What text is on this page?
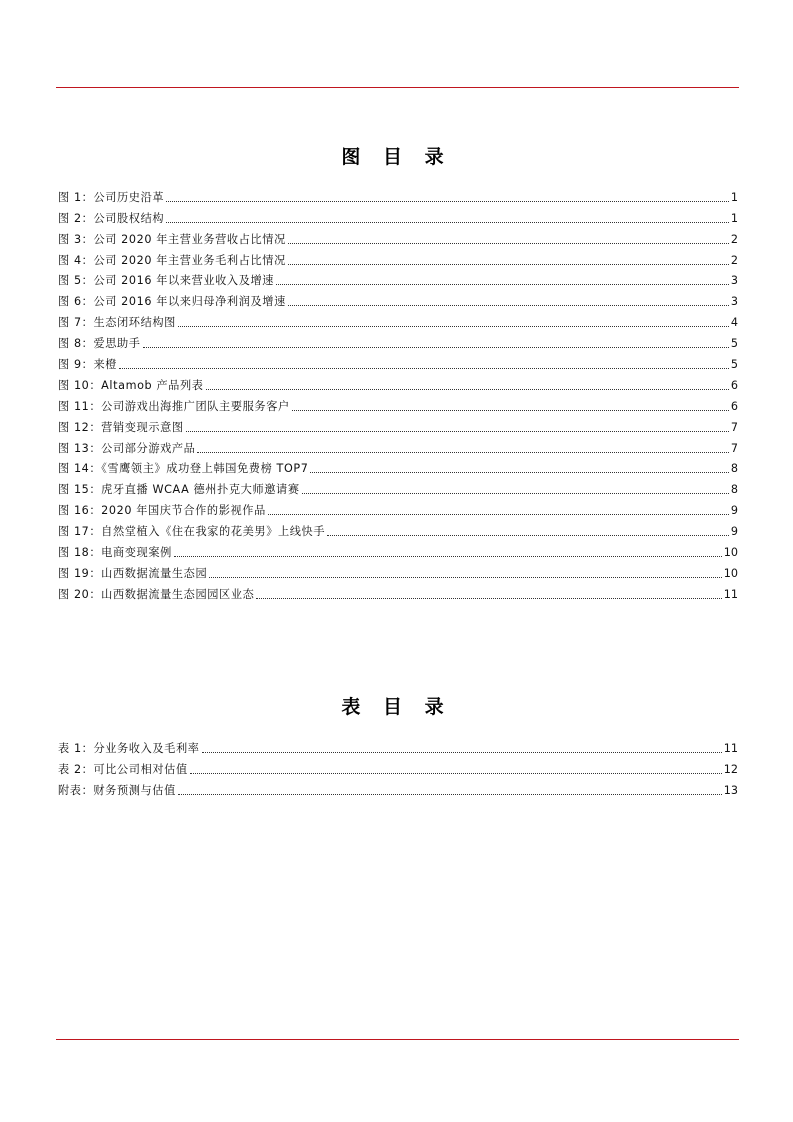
图 目 录
图 1：公司历史沿革	1
图 2：公司股权结构	1
图 3：公司 2020 年主营业务营收占比情况	2
图 4：公司 2020 年主营业务毛利占比情况	2
图 5：公司 2016 年以来营业收入及增速	3
图 6：公司 2016 年以来归母净利润及增速	3
图 7：生态闭环结构图	4
图 8：爱思助手	5
图 9：来橙	5
图 10：Altamob 产品列表	6
图 11：公司游戏出海推广团队主要服务客户	6
图 12：营销变现示意图	7
图 13：公司部分游戏产品	7
图 14：《雪鹰领主》成功登上韩国免费榜 TOP7	8
图 15：虎牙直播 WCAA 德州扑克大师邀请赛	8
图 16：2020 年国庆节合作的影视作品	9
图 17：自然堂植入《住在我家的花美男》上线快手	9
图 18：电商变现案例	10
图 19：山西数据流量生态园	10
图 20：山西数据流量生态园园区业态	11
表 目 录
表 1：分业务收入及毛利率	11
表 2：可比公司相对估值	12
附表：财务预测与估值	13
